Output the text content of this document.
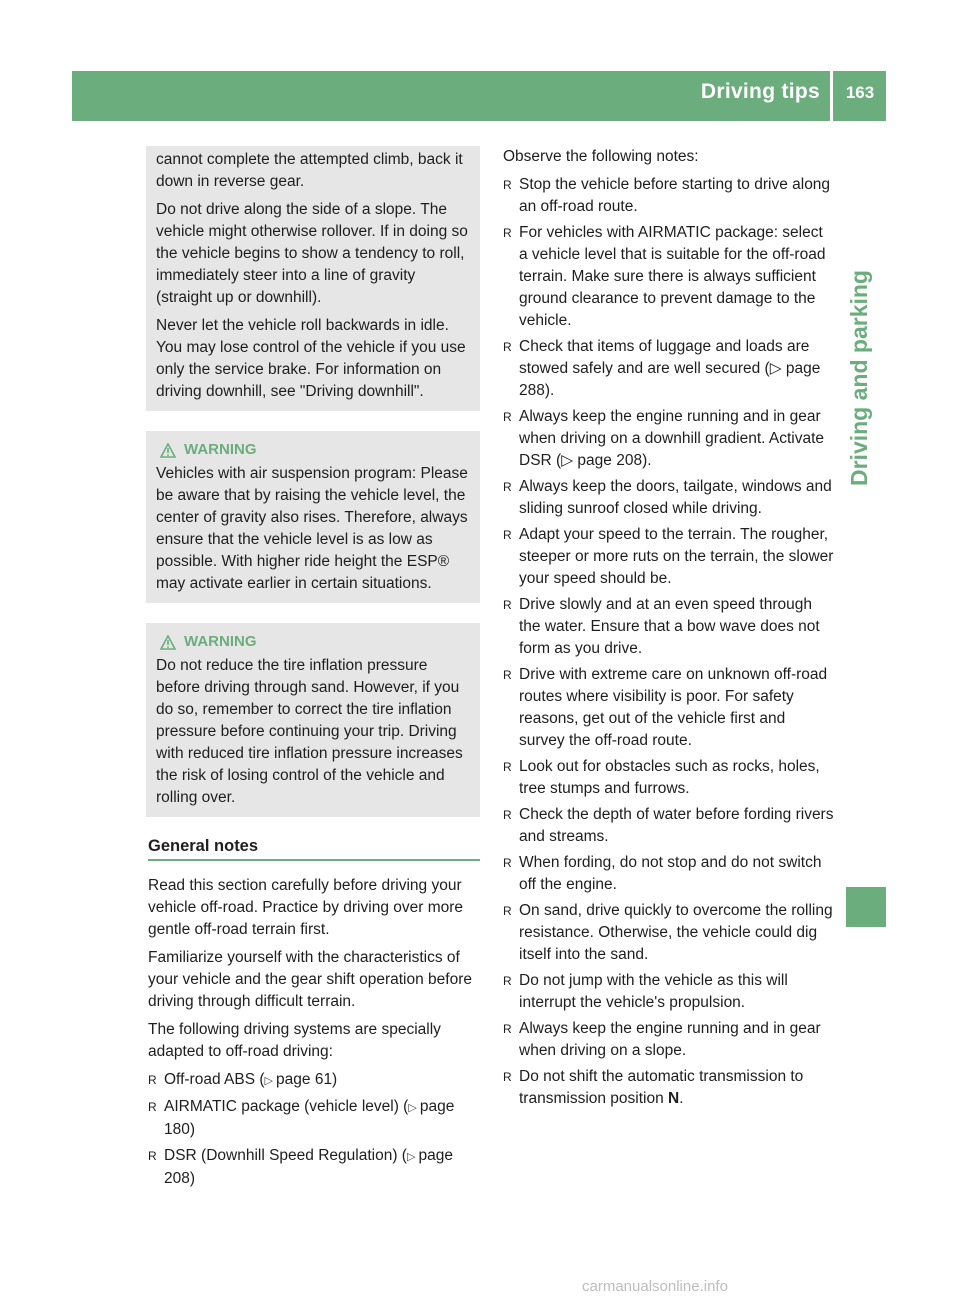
Driving tips	163
Driving and parking

cannot complete the attempted climb, back it down in reverse gear.

Do not drive along the side of a slope. The vehicle might otherwise rollover. If in doing so the vehicle begins to show a tendency to roll, immediately steer into a line of gravity (straight up or downhill).

Never let the vehicle roll backwards in idle. You may lose control of the vehicle if you use only the service brake. For information on driving downhill, see "Driving downhill".

WARNING

Vehicles with air suspension program: Please be aware that by raising the vehicle level, the center of gravity also rises. Therefore, always ensure that the vehicle level is as low as possible. With higher ride height the ESP® may activate earlier in certain situations.

WARNING

Do not reduce the tire inflation pressure before driving through sand. However, if you do so, remember to correct the tire inflation pressure before continuing your trip. Driving with reduced tire inflation pressure increases the risk of losing control of the vehicle and rolling over.

General notes

Read this section carefully before driving your vehicle off-road. Practice by driving over more gentle off-road terrain first.

Familiarize yourself with the characteristics of your vehicle and the gear shift operation before driving through difficult terrain.

The following driving systems are specially adapted to off-road driving:

R Off-road ABS (▷ page 61)
R AIRMATIC package (vehicle level) (▷ page 180)
R DSR (Downhill Speed Regulation) (▷ page 208)

Observe the following notes:

R Stop the vehicle before starting to drive along an off-road route.
R For vehicles with AIRMATIC package: select a vehicle level that is suitable for the off-road terrain. Make sure there is always sufficient ground clearance to prevent damage to the vehicle.
R Check that items of luggage and loads are stowed safely and are well secured (▷ page 288).
R Always keep the engine running and in gear when driving on a downhill gradient. Activate DSR (▷ page 208).
R Always keep the doors, tailgate, windows and sliding sunroof closed while driving.
R Adapt your speed to the terrain. The rougher, steeper or more ruts on the terrain, the slower your speed should be.
R Drive slowly and at an even speed through the water. Ensure that a bow wave does not form as you drive.
R Drive with extreme care on unknown off-road routes where visibility is poor. For safety reasons, get out of the vehicle first and survey the off-road route.
R Look out for obstacles such as rocks, holes, tree stumps and furrows.
R Check the depth of water before fording rivers and streams.
R When fording, do not stop and do not switch off the engine.
R On sand, drive quickly to overcome the rolling resistance. Otherwise, the vehicle could dig itself into the sand.
R Do not jump with the vehicle as this will interrupt the vehicle's propulsion.
R Always keep the engine running and in gear when driving on a slope.
R Do not shift the automatic transmission to transmission position N.
carmanualsonline.info
